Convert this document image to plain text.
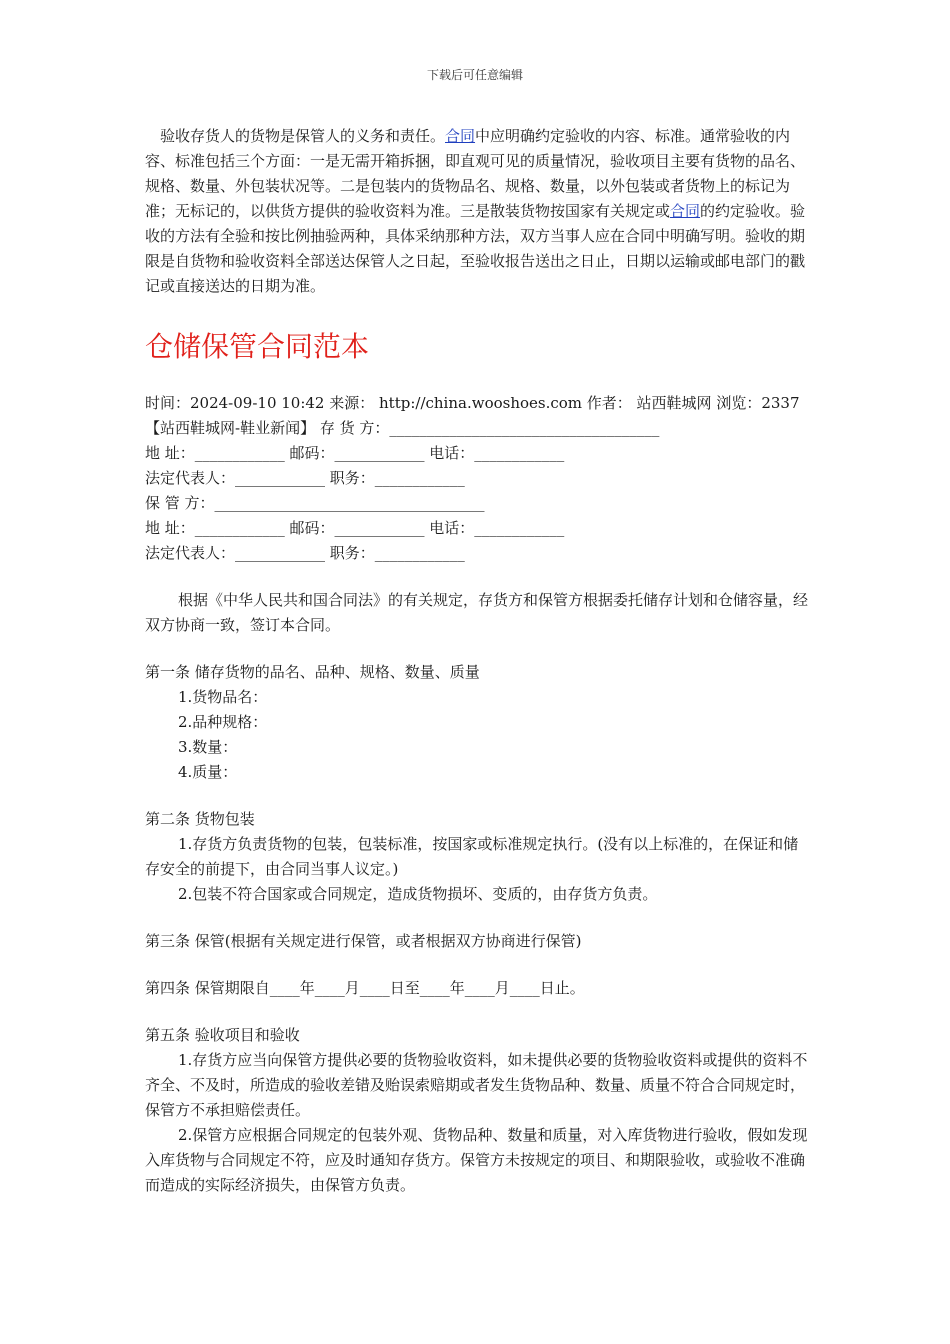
下载后可任意编辑

验收存货人的货物是保管人的义务和责任。合同中应明确约定验收的内容、标准。通常验收的内容、标准包括三个方面：一是无需开箱拆捆，即直观可见的质量情况，验收项目主要有货物的品名、规格、数量、外包装状况等。二是包装内的货物品名、规格、数量，以外包装或者货物上的标记为准；无标记的，以供货方提供的验收资料为准。三是散装货物按国家有关规定或合同的约定验收。验收的方法有全验和按比例抽验两种，具体采纳那种方法，双方当事人应在合同中明确写明。验收的期限是自货物和验收资料全部送达保管人之日起，至验收报告送出之日止，日期以运输或邮电部门的戳记或直接送达的日期为准。

仓储保管合同范本

时间：2024-09-10 10:42 来源： http://china.wooshoes.com 作者： 站西鞋城网 浏览：2337

【站西鞋城网-鞋业新闻】 存 货 方：____________________________________

地 址：____________ 邮码：____________ 电话：____________

法定代表人：____________ 职务：____________

保 管 方：____________________________________

地 址：____________ 邮码：____________ 电话：____________

法定代表人：____________ 职务：____________

根据《中华人民共和国合同法》的有关规定，存货方和保管方根据委托储存计划和仓储容量，经双方协商一致，签订本合同。

第一条 储存货物的品名、品种、规格、数量、质量

1.货物品名：

2.品种规格：

3.数量：

4.质量：

第二条 货物包装

1.存货方负责货物的包装，包装标准，按国家或标准规定执行。(没有以上标准的，在保证和储存安全的前提下，由合同当事人议定。)

2.包装不符合国家或合同规定，造成货物损坏、变质的，由存货方负责。

第三条 保管(根据有关规定进行保管，或者根据双方协商进行保管)

第四条 保管期限自____年____月____日至____年____月____日止。

第五条 验收项目和验收

1.存货方应当向保管方提供必要的货物验收资料，如未提供必要的货物验收资料或提供的资料不齐全、不及时，所造成的验收差错及贻误索赔期或者发生货物品种、数量、质量不符合合同规定时，保管方不承担赔偿责任。

2.保管方应根据合同规定的包装外观、货物品种、数量和质量，对入库货物进行验收，假如发现入库货物与合同规定不符，应及时通知存货方。保管方未按规定的项目、和期限验收，或验收不准确而造成的实际经济损失，由保管方负责。
